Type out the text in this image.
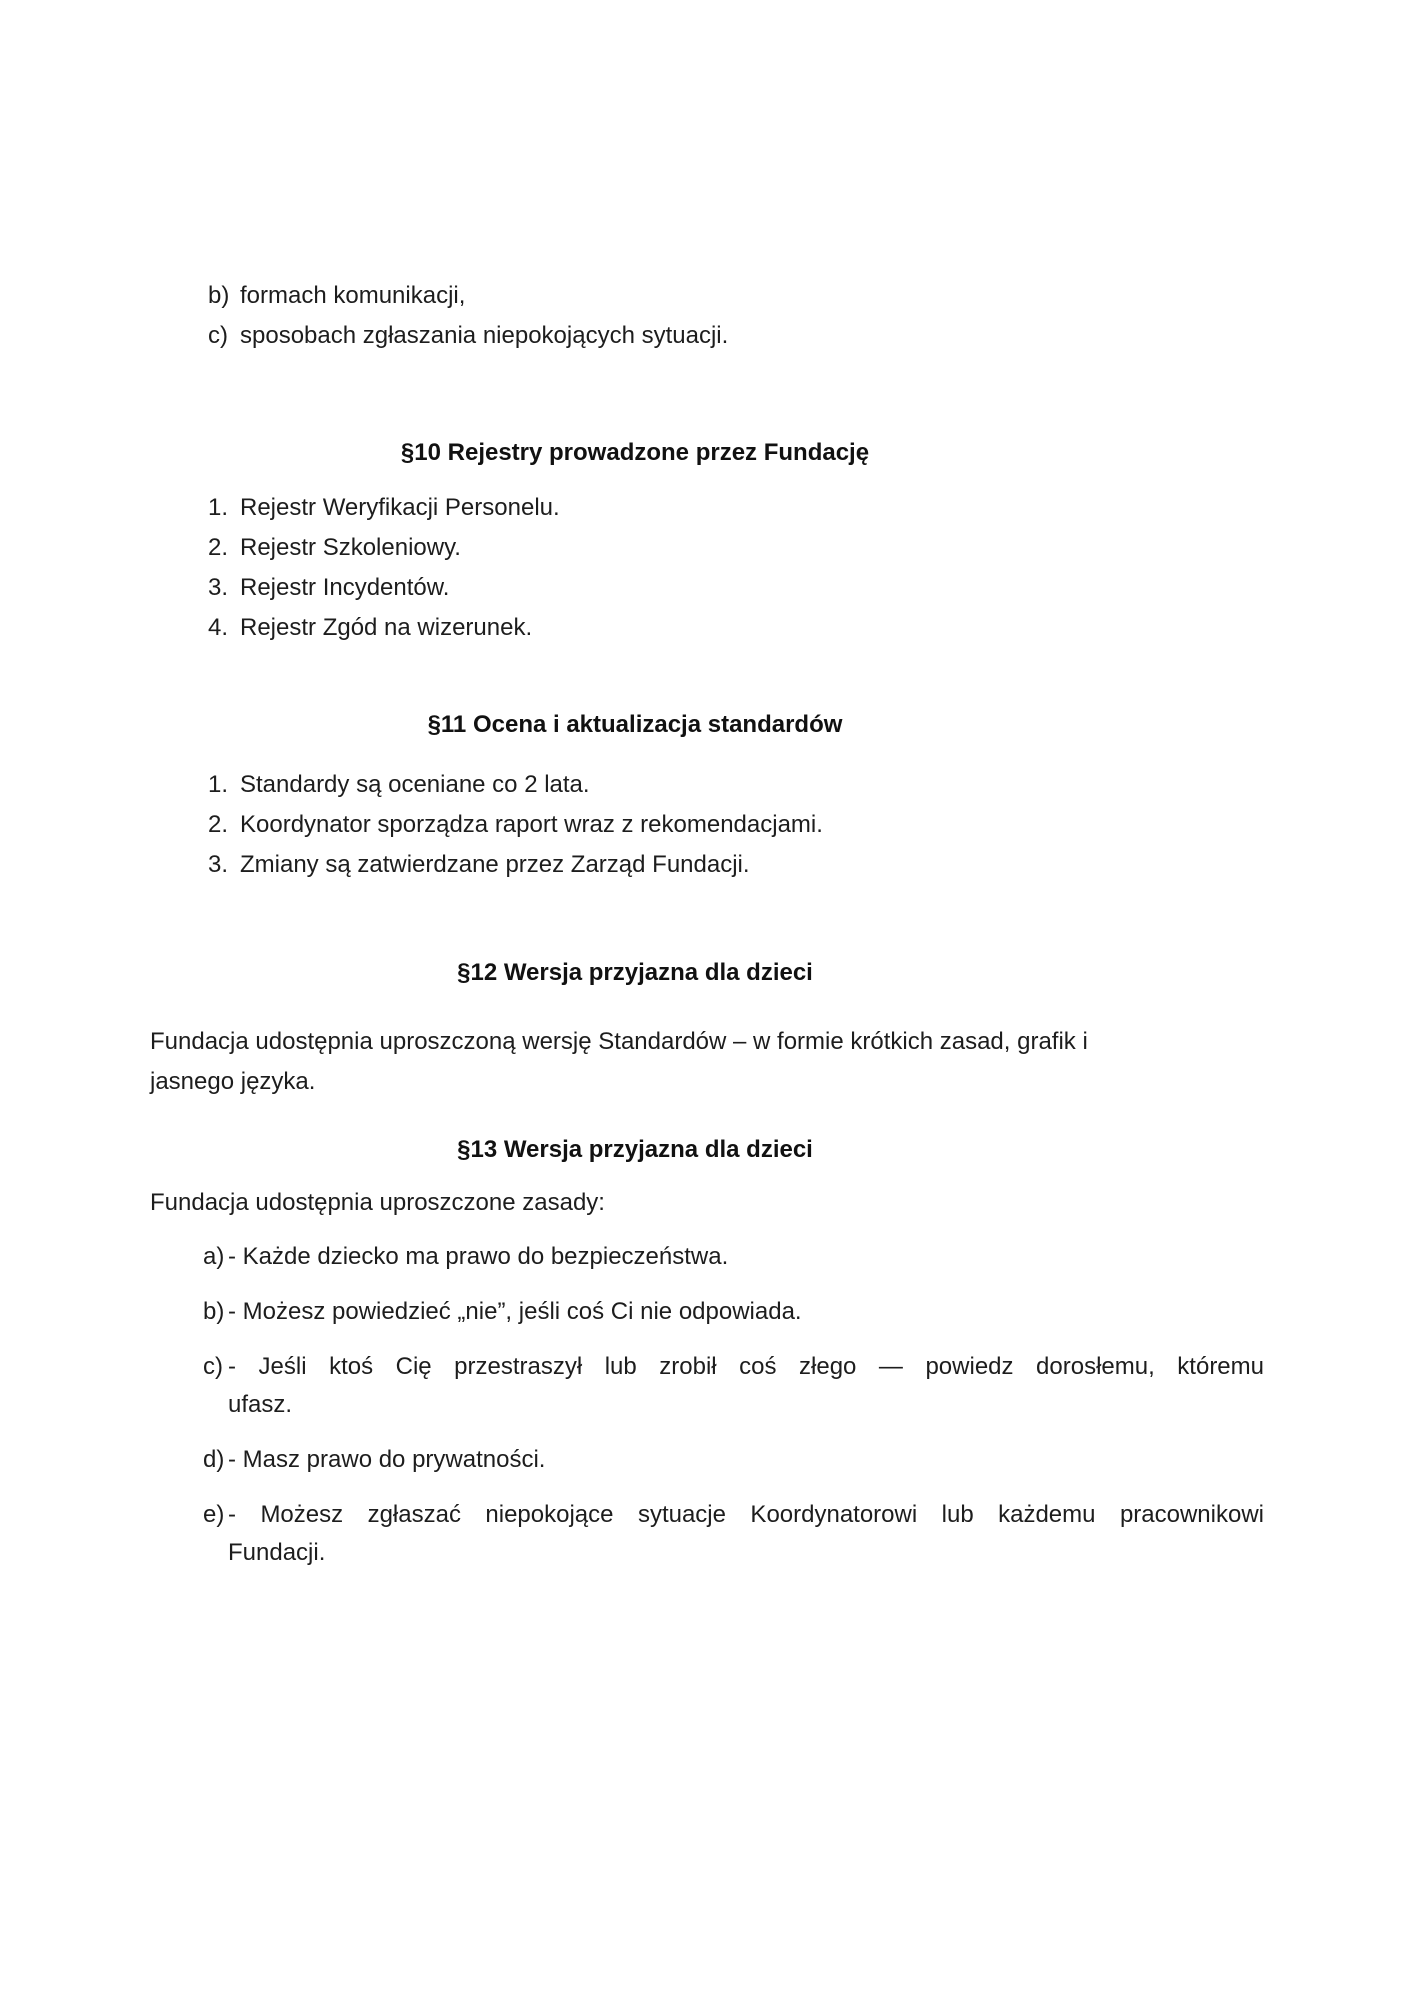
b) formach komunikacji,
c) sposobach zgłaszania niepokojących sytuacji.
§10 Rejestry prowadzone przez Fundację
1. Rejestr Weryfikacji Personelu.
2. Rejestr Szkoleniowy.
3. Rejestr Incydentów.
4. Rejestr Zgód na wizerunek.
§11 Ocena i aktualizacja standardów
1. Standardy są oceniane co 2 lata.
2. Koordynator sporządza raport wraz z rekomendacjami.
3. Zmiany są zatwierdzane przez Zarząd Fundacji.
§12 Wersja przyjazna dla dzieci
Fundacja udostępnia uproszczoną wersję Standardów – w formie krótkich zasad, grafik i
jasnego języka.
§13 Wersja przyjazna dla dzieci
Fundacja udostępnia uproszczone zasady:
a) - Każde dziecko ma prawo do bezpieczeństwa.
b) - Możesz powiedzieć „nie”, jeśli coś Ci nie odpowiada.
c) - Jeśli ktoś Cię przestraszył lub zrobił coś złego — powiedz dorosłemu, któremu
ufasz.
d) - Masz prawo do prywatności.
e) - Możesz zgłaszać niepokojące sytuacje Koordynatorowi lub każdemu pracownikowi
Fundacji.
